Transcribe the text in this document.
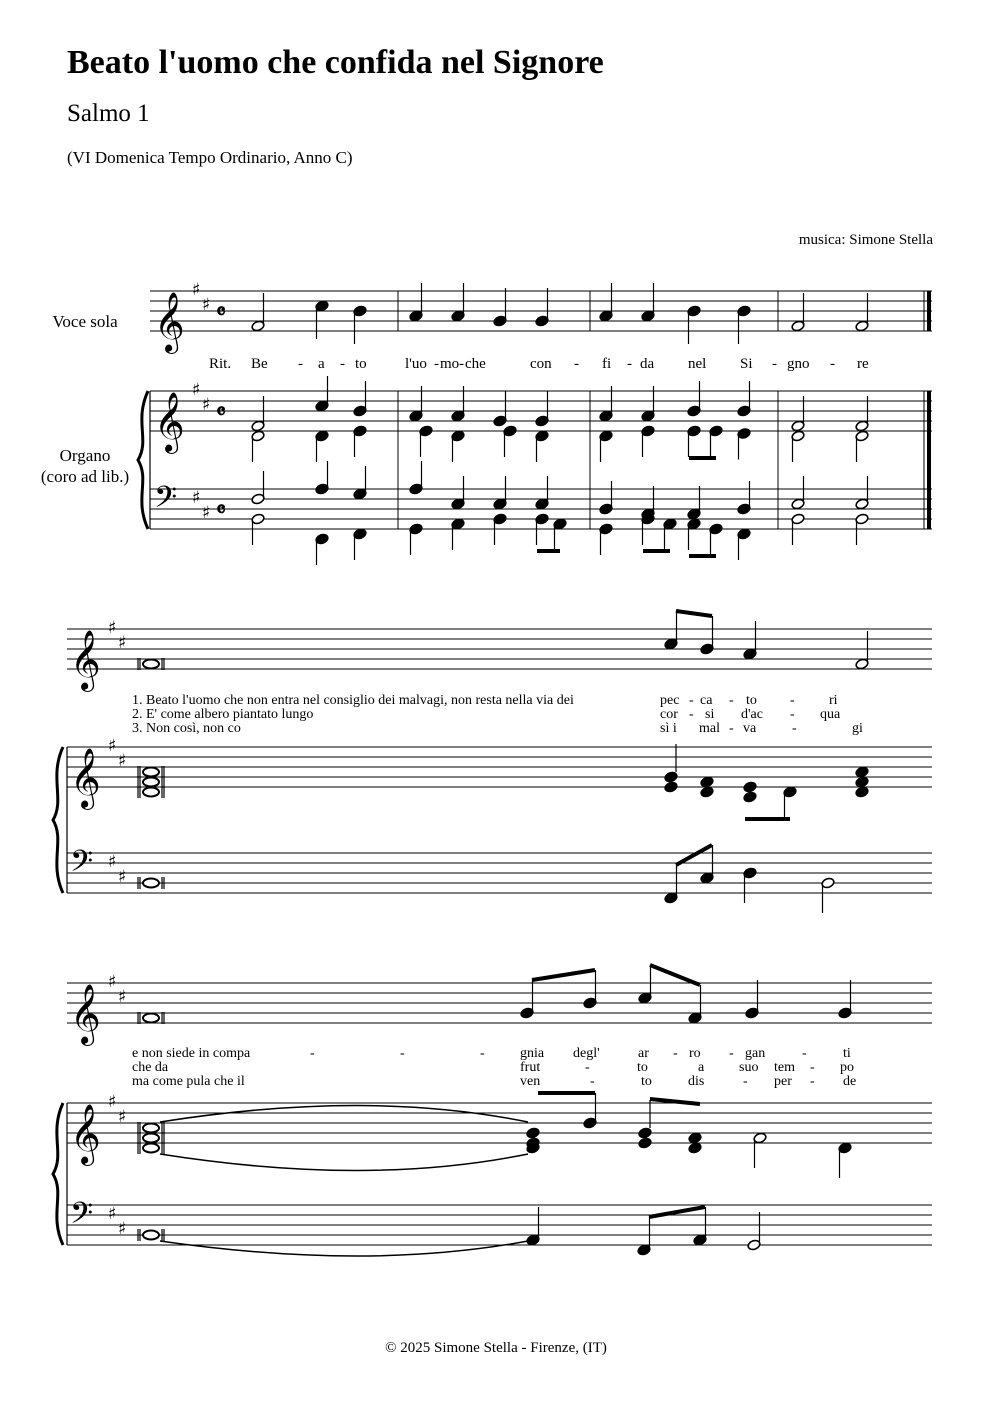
Beato l'uomo che confida nel Signore
Salmo 1
(VI Domenica Tempo Ordinario, Anno C)
musica: Simone Stella
Voce sola
Organo
(coro ad lib.)
𝄞
♯
♯ 𝄴
𝄞
♯
♯ 𝄴
𝄢 ♯
♯ 𝄴
𝄞
♯
♯
𝄞
♯
♯
𝄢 ♯
♯
𝄞
♯
♯
𝄞
♯
♯
𝄢 ♯
♯
Rit. Be - a - to	l'uo - mo - che	con - fi - da nel Si - gno - re
1. Beato l'uomo che non entra nel consiglio dei malvagi, non resta nella via dei
2. E' come albero piantato lungo
3. Non così, non co
pec - ca - to - ri
cor - si d'ac - qua
sì i mal - va	-	gi
e non siede in compa
che da
ma come pula che il
-	-	-	gnia degl'	ar - ro - gan	-	ti
frut	-	to	a suo tem - po
ven	-	to	dis	- per - de
© 2025 Simone Stella - Firenze, (IT)
